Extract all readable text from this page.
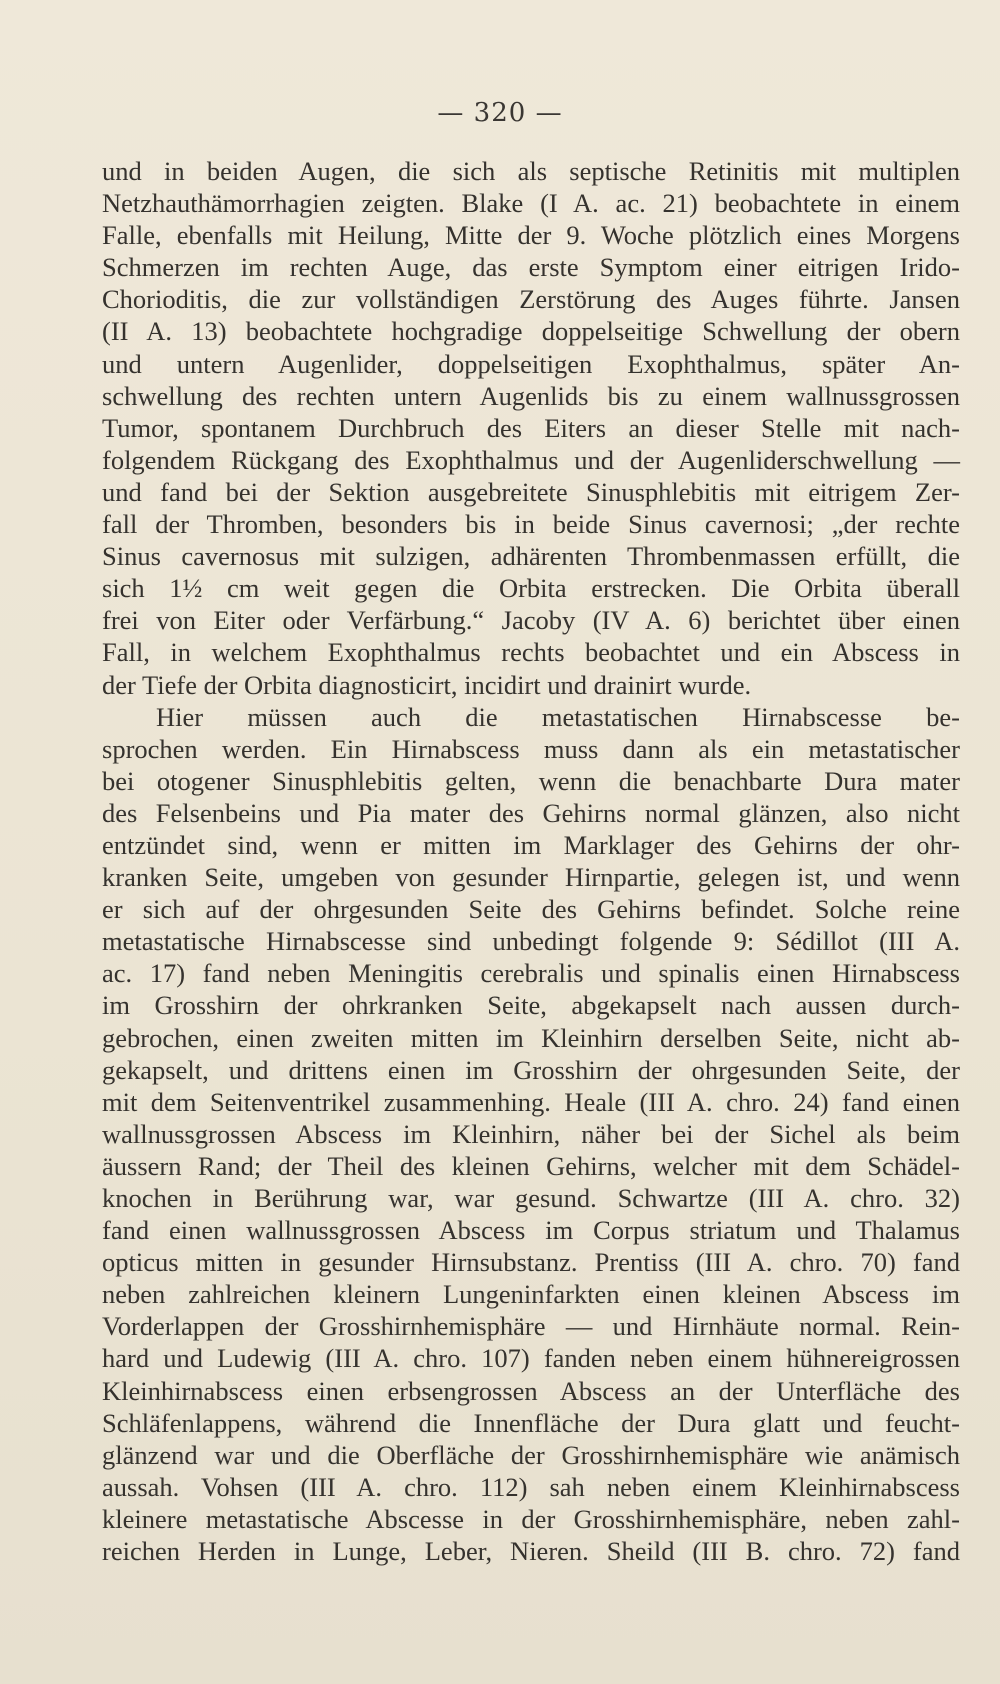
— 320 —
und in beiden Augen, die sich als septische Retinitis mit multiplen
Netzhauthämorrhagien zeigten. Blake (I A. ac. 21) beobachtete in einem
Falle, ebenfalls mit Heilung, Mitte der 9. Woche plötzlich eines Morgens
Schmerzen im rechten Auge, das erste Symptom einer eitrigen Irido-
Chorioditis, die zur vollständigen Zerstörung des Auges führte. Jansen
(II A. 13) beobachtete hochgradige doppelseitige Schwellung der obern
und untern Augenlider, doppelseitigen Exophthalmus, später An-
schwellung des rechten untern Augenlids bis zu einem wallnussgrossen
Tumor, spontanem Durchbruch des Eiters an dieser Stelle mit nach-
folgendem Rückgang des Exophthalmus und der Augenliderschwellung —
und fand bei der Sektion ausgebreitete Sinusphlebitis mit eitrigem Zer-
fall der Thromben, besonders bis in beide Sinus cavernosi; „der rechte
Sinus cavernosus mit sulzigen, adhärenten Thrombenmassen erfüllt, die
sich 1½ cm weit gegen die Orbita erstrecken. Die Orbita überall
frei von Eiter oder Verfärbung.“ Jacoby (IV A. 6) berichtet über einen
Fall, in welchem Exophthalmus rechts beobachtet und ein Abscess in
der Tiefe der Orbita diagnosticirt, incidirt und drainirt wurde.
Hier müssen auch die metastatischen Hirnabscesse be-
sprochen werden. Ein Hirnabscess muss dann als ein metastatischer
bei otogener Sinusphlebitis gelten, wenn die benachbarte Dura mater
des Felsenbeins und Pia mater des Gehirns normal glänzen, also nicht
entzündet sind, wenn er mitten im Marklager des Gehirns der ohr-
kranken Seite, umgeben von gesunder Hirnpartie, gelegen ist, und wenn
er sich auf der ohrgesunden Seite des Gehirns befindet. Solche reine
metastatische Hirnabscesse sind unbedingt folgende 9: Sédillot (III A.
ac. 17) fand neben Meningitis cerebralis und spinalis einen Hirnabscess
im Grosshirn der ohrkranken Seite, abgekapselt nach aussen durch-
gebrochen, einen zweiten mitten im Kleinhirn derselben Seite, nicht ab-
gekapselt, und drittens einen im Grosshirn der ohrgesunden Seite, der
mit dem Seitenventrikel zusammenhing. Heale (III A. chro. 24) fand einen
wallnussgrossen Abscess im Kleinhirn, näher bei der Sichel als beim
äussern Rand; der Theil des kleinen Gehirns, welcher mit dem Schädel-
knochen in Berührung war, war gesund. Schwartze (III A. chro. 32)
fand einen wallnussgrossen Abscess im Corpus striatum und Thalamus
opticus mitten in gesunder Hirnsubstanz. Prentiss (III A. chro. 70) fand
neben zahlreichen kleinern Lungeninfarkten einen kleinen Abscess im
Vorderlappen der Grosshirnhemisphäre — und Hirnhäute normal. Rein-
hard und Ludewig (III A. chro. 107) fanden neben einem hühnereigrossen
Kleinhirnabscess einen erbsengrossen Abscess an der Unterfläche des
Schläfenlappens, während die Innenfläche der Dura glatt und feucht-
glänzend war und die Oberfläche der Grosshirnhemisphäre wie anämisch
aussah. Vohsen (III A. chro. 112) sah neben einem Kleinhirnabscess
kleinere metastatische Abscesse in der Grosshirnhemisphäre, neben zahl-
reichen Herden in Lunge, Leber, Nieren. Sheild (III B. chro. 72) fand
